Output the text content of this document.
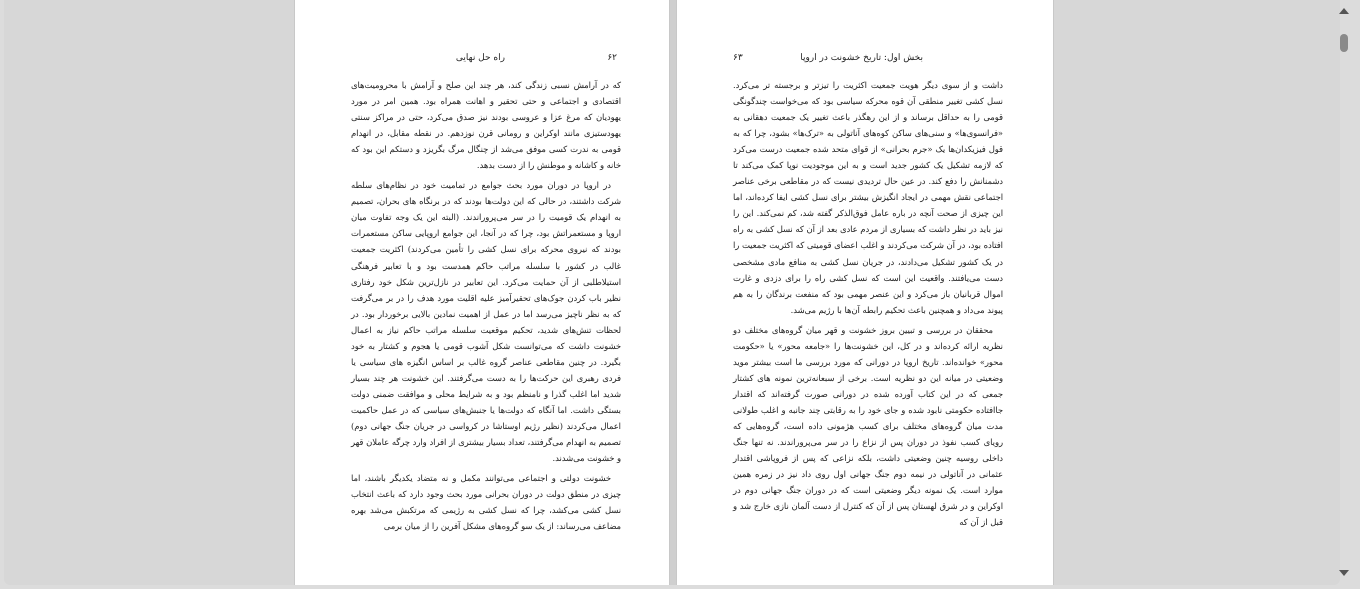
راه حل نهایی	۶۲

که در آرامش نسبی زندگی کند، هر چند این صلح و آرامش با محرومیت‌های اقتصادی و اجتماعی و حتی تحقیر و اهانت همراه بود. همین امر در مورد یهودیان که مرغ عزا و عروسی بودند نیز صدق می‌کرد، حتی در مراکز سنتی یهودستیزی مانند اوکراین و رومانی قرن نوزدهم. در نقطه مقابل، در انهدام قومی به ندرت کسی موفق می‌شد از چنگال مرگ بگریزد و دستکم این بود که خانه و کاشانه و موطنش را از دست بدهد.

در اروپا در دوران مورد بحث جوامع در تمامیت خود در نظام‌های سلطه شرکت داشتند، در حالی که این دولت‌ها بودند که در برنگاه های بحران، تصمیم به انهدام یک قومیت را در سر می‌پروراندند. (البته این یک وجه تفاوت میان اروپا و مستعمراتش بود، چرا که در آنجا، این جوامع اروپایی ساکن مستعمرات بودند که نیروی محرکه برای نسل کشی را تأمین می‌کردند) اکثریت جمعیت غالب در کشور با سلسله مراتب حاکم همدست بود و با تعابیر فرهنگی استیلاطلبی از آن حمایت می‌کرد. این تعابیر در نازل‌ترین شکل خود رفتاری نظیر باب کردن جوک‌های تحقیرآمیز علیه اقلیت مورد هدف را در بر می‌گرفت که به نظر ناچیز می‌رسد اما در عمل از اهمیت نمادین بالایی برخوردار بود. در لحظات تنش‌های شدید، تحکیم موقعیت سلسله مراتب حاکم نیاز به اعمال خشونت داشت که می‌توانست شکل آشوب قومی یا هجوم و کشتار به خود بگیرد. در چنین مقاطعی عناصر گروه غالب بر اساس انگیزه های سیاسی یا فردی رهبری این حرکت‌ها را به دست می‌گرفتند. این خشونت هر چند بسیار شدید اما اغلب گذرا و نامنظم بود و به شرایط محلی و موافقت ضمنی دولت بستگی داشت. اما آنگاه که دولت‌ها یا جنبش‌های سیاسی که در عمل حاکمیت اعمال می‌کردند (نظیر رژیم اوستاشا در کرواسی در جریان جنگ جهانی دوم) تصمیم به انهدام می‌گرفتند، تعداد بسیار بیشتری از افراد وارد چرگه عاملان قهر و خشونت می‌شدند.

خشونت دولتی و اجتماعی می‌توانند مکمل و نه متضاد یکدیگر باشند، اما چیزی در منطق دولت در دوران بحرانی مورد بحث وجود دارد که باعث انتخاب نسل کشی می‌کشد، چرا که نسل کشی به رژیمی که مرتکبش می‌شد بهره مضاعف می‌رساند: از یک سو گروه‌های مشکل آفرین را از میان برمی

بخش اول: تاریخ خشونت در اروپا
۶۳

داشت و از سوی دیگر هویت جمعیت اکثریت را تیزتر و برجسته تر می‌کرد. نسل کشی تغییر منطقی آن قوه محرکه سیاسی بود که می‌خواست چندگونگی قومی را به حداقل برساند و از این رهگذر باعث تغییر یک جمعیت دهقانی به «فرانسوی‌ها» و سنی‌های ساکن کوه‌های آناتولی به «ترک‌ها» بشود، چرا که به قول فیزیکدان‌ها یک «جرم بحرانی» از قوای متحد شده جمعیت درست می‌کرد که لازمه تشکیل یک کشور جدید است و به این موجودیت نوپا کمک می‌کند تا دشمنانش را دفع کند. در عین حال تردیدی نیست که در مقاطعی برخی عناصر اجتماعی نقش مهمی در ایجاد انگیزش بیشتر برای نسل کشی ایفا کرده‌اند، اما این چیزی از صحت آنچه در باره عامل فوق‌الذکر گفته شد، کم نمی‌کند. این را نیز باید در نظر داشت که بسیاری از مردم عادی بعد از آن که نسل کشی به راه افتاده بود، در آن شرکت می‌کردند و اغلب اعضای قومیتی که اکثریت جمعیت را در یک کشور تشکیل می‌دادند، در جریان نسل کشی به منافع مادی مشخصی دست می‌یافتند. واقعیت این است که نسل کشی راه را برای دزدی و غارت اموال قربانیان باز می‌کرد و این عنصر مهمی بود که منفعت برندگان را به هم پیوند می‌داد و همچنین باعث تحکیم رابطه آن‌ها با رژیم می‌شد.

محققان در بررسی و تبیین بروز خشونت و قهر میان گروه‌های مختلف دو نظریه ارائه کرده‌اند و در کل، این خشونت‌ها را «جامعه محور» یا «حکومت محور» خوانده‌اند. تاریخ اروپا در دورانی که مورد بررسی ما است بیشتر موید وضعیتی در میانه این دو نظریه است. برخی از سبعانه‌ترین نمونه های کشتار جمعی که در این کتاب آورده شده در دورانی صورت گرفته‌اند که اقتدار جاافتاده حکومتی نابود شده و جای خود را به رقابتی چند جانبه و اغلب طولانی مدت میان گروه‌های مختلف برای کسب هژمونی داده است، گروه‌هایی که رویای کسب نفوذ در دوران پس از نزاع را در سر می‌پروراندند. نه تنها جنگ داخلی روسیه چنین وضعیتی داشت، بلکه نزاعی که پس از فروپاشی اقتدار عثمانی در آناتولی در نیمه دوم جنگ جهانی اول روی داد نیز در زمره همین موارد است. یک نمونه دیگر وضعیتی است که در دوران جنگ جهانی دوم در اوکراین و در شرق لهستان پس از آن که کنترل از دست آلمان نازی خارج شد و قبل از آن که
